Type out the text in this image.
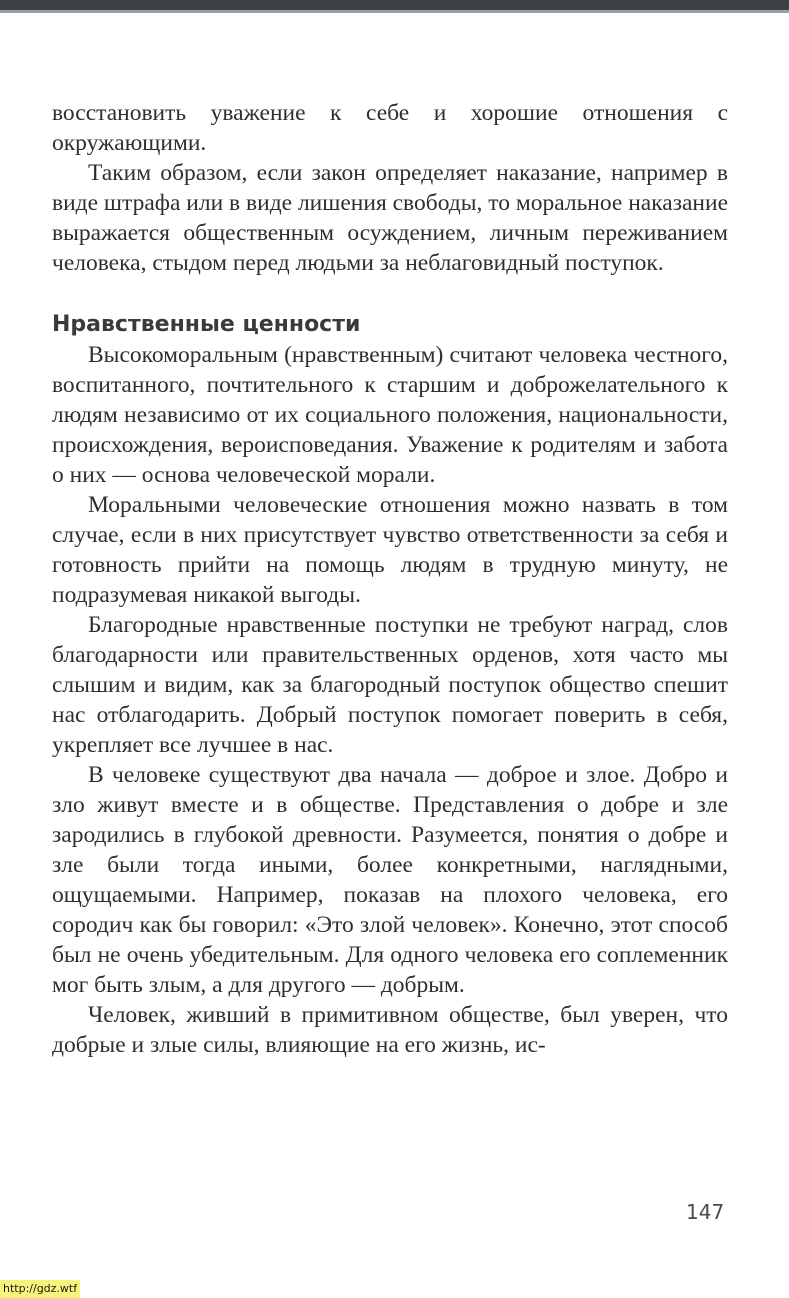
восстановить уважение к себе и хорошие отношения с окружающими.

Таким образом, если закон определяет наказание, например в виде штрафа или в виде лишения свободы, то моральное наказание выражается общественным осуждением, личным переживанием человека, стыдом перед людьми за неблаговидный поступок.

Нравственные ценности

Высокоморальным (нравственным) считают человека честного, воспитанного, почтительного к старшим и доброжелательного к людям независимо от их социального положения, национальности, происхождения, вероисповедания. Уважение к родителям и забота о них — основа человеческой морали.

Моральными человеческие отношения можно назвать в том случае, если в них присутствует чувство ответственности за себя и готовность прийти на помощь людям в трудную минуту, не подразумевая никакой выгоды.

Благородные нравственные поступки не требуют наград, слов благодарности или правительственных орденов, хотя часто мы слышим и видим, как за благородный поступок общество спешит нас отблагодарить. Добрый поступок помогает поверить в себя, укрепляет все лучшее в нас.

В человеке существуют два начала — доброе и злое. Добро и зло живут вместе и в обществе. Представления о добре и зле зародились в глубокой древности. Разумеется, понятия о добре и зле были тогда иными, более конкретными, наглядными, ощущаемыми. Например, показав на плохого человека, его сородич как бы говорил: «Это злой человек». Конечно, этот способ был не очень убедительным. Для одного человека его соплеменник мог быть злым, а для другого — добрым.

Человек, живший в примитивном обществе, был уверен, что добрые и злые силы, влияющие на его жизнь, ис-

147
http://gdz.wtf
